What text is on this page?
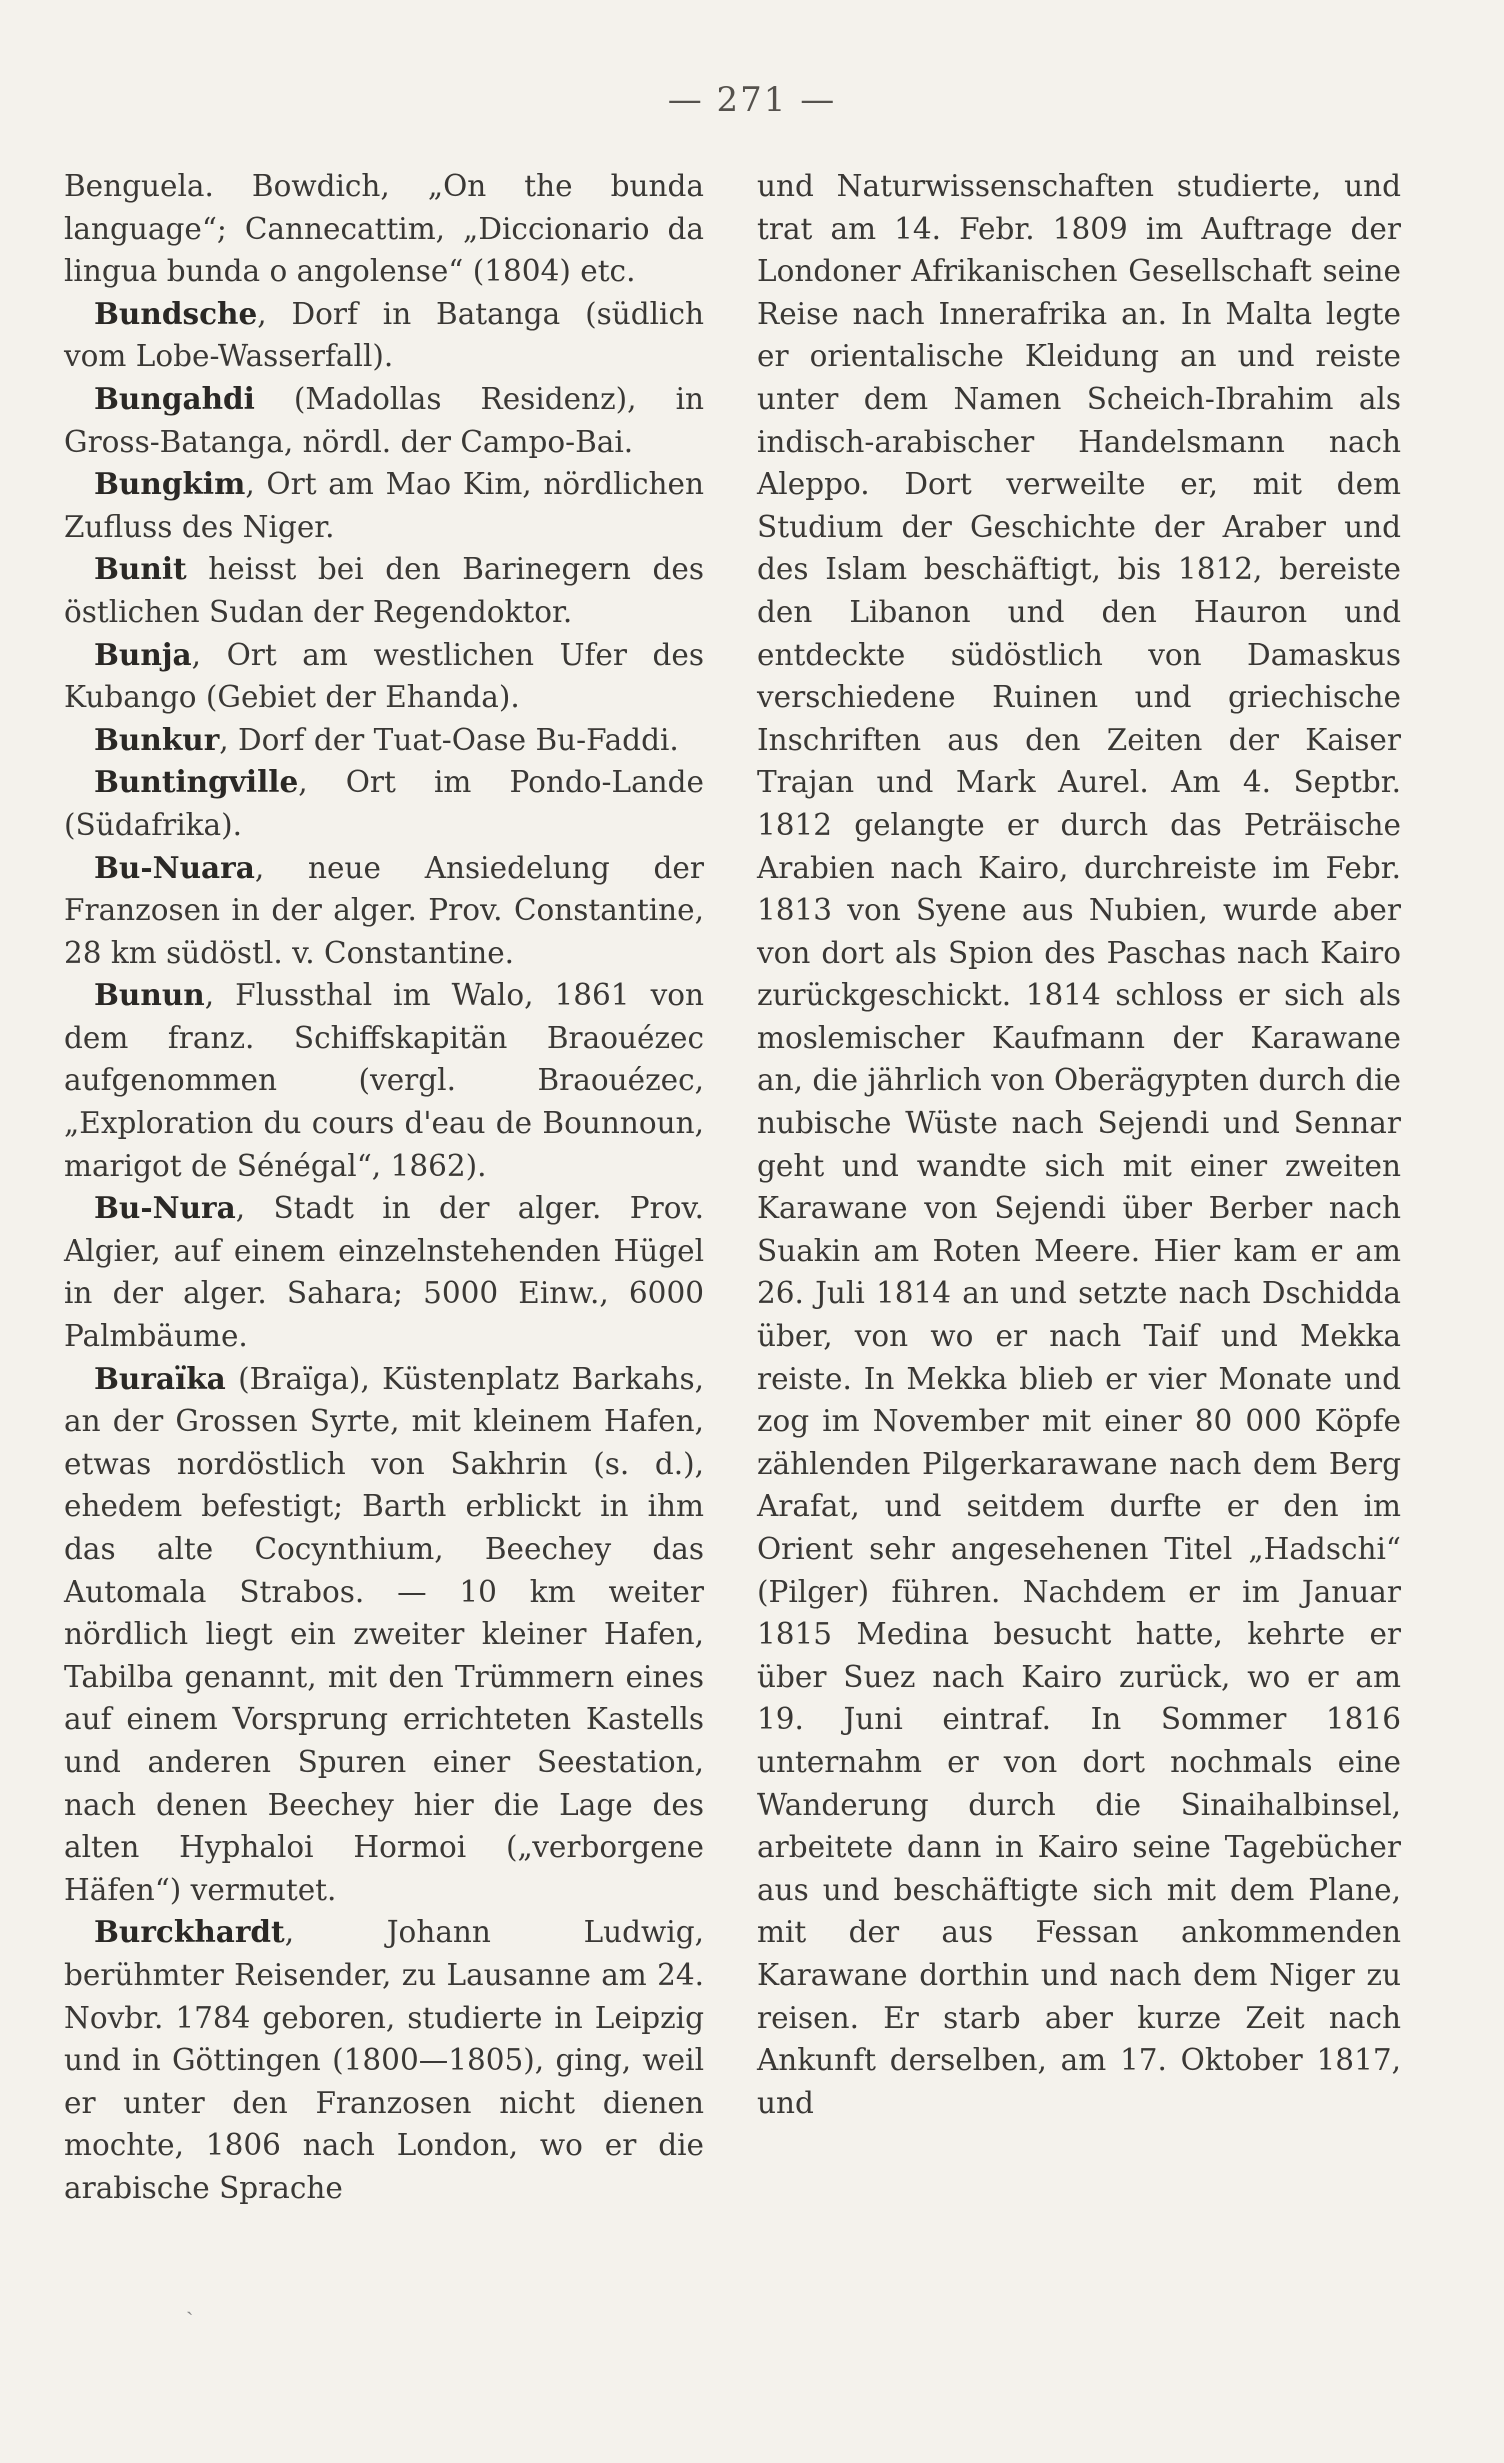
— 271 —

Benguela. Bowdich, „On the bunda language“; Cannecattim, „Diccionario da lingua bunda o angolense“ (1804) etc.

Bundsche, Dorf in Batanga (südlich vom Lobe-Wasserfall).

Bungahdi (Madollas Residenz), in Gross-Batanga, nördl. der Campo-Bai.

Bungkim, Ort am Mao Kim, nördlichen Zufluss des Niger.

Bunit heisst bei den Barinegern des östlichen Sudan der Regendoktor.

Bunja, Ort am westlichen Ufer des Kubango (Gebiet der Ehanda).

Bunkur, Dorf der Tuat-Oase Bu-Faddi.

Buntingville, Ort im Pondo-Lande (Südafrika).

Bu-Nuara, neue Ansiedelung der Franzosen in der alger. Prov. Constantine, 28 km südöstl. v. Constantine.

Bunun, Flussthal im Walo, 1861 von dem franz. Schiffskapitän Braouézec aufgenommen (vergl. Braouézec, „Exploration du cours d'eau de Bounnoun, marigot de Sénégal“, 1862).

Bu-Nura, Stadt in der alger. Prov. Algier, auf einem einzelnstehenden Hügel in der alger. Sahara; 5000 Einw., 6000 Palmbäume.

Buraïka (Braïga), Küstenplatz Barkahs, an der Grossen Syrte, mit kleinem Hafen, etwas nordöstlich von Sakhrin (s. d.), ehedem befestigt; Barth erblickt in ihm das alte Cocynthium, Beechey das Automala Strabos. — 10 km weiter nördlich liegt ein zweiter kleiner Hafen, Tabilba genannt, mit den Trümmern eines auf einem Vorsprung errichteten Kastells und anderen Spuren einer Seestation, nach denen Beechey hier die Lage des alten Hyphaloi Hormoi („verborgene Häfen“) vermutet.

Burckhardt, Johann Ludwig, berühmter Reisender, zu Lausanne am 24. Novbr. 1784 geboren, studierte in Leipzig und in Göttingen (1800—1805), ging, weil er unter den Franzosen nicht dienen mochte, 1806 nach London, wo er die arabische Sprache

und Naturwissenschaften studierte, und trat am 14. Febr. 1809 im Auftrage der Londoner Afrikanischen Gesellschaft seine Reise nach Innerafrika an. In Malta legte er orientalische Kleidung an und reiste unter dem Namen Scheich-Ibrahim als indisch-arabischer Handelsmann nach Aleppo. Dort verweilte er, mit dem Studium der Geschichte der Araber und des Islam beschäftigt, bis 1812, bereiste den Libanon und den Hauron und entdeckte südöstlich von Damaskus verschiedene Ruinen und griechische Inschriften aus den Zeiten der Kaiser Trajan und Mark Aurel. Am 4. Septbr. 1812 gelangte er durch das Peträische Arabien nach Kairo, durchreiste im Febr. 1813 von Syene aus Nubien, wurde aber von dort als Spion des Paschas nach Kairo zurückgeschickt. 1814 schloss er sich als moslemischer Kaufmann der Karawane an, die jährlich von Oberägypten durch die nubische Wüste nach Sejendi und Sennar geht und wandte sich mit einer zweiten Karawane von Sejendi über Berber nach Suakin am Roten Meere. Hier kam er am 26. Juli 1814 an und setzte nach Dschidda über, von wo er nach Taif und Mekka reiste. In Mekka blieb er vier Monate und zog im November mit einer 80 000 Köpfe zählenden Pilgerkarawane nach dem Berg Arafat, und seitdem durfte er den im Orient sehr angesehenen Titel „Hadschi“ (Pilger) führen. Nachdem er im Januar 1815 Medina besucht hatte, kehrte er über Suez nach Kairo zurück, wo er am 19. Juni eintraf. In Sommer 1816 unternahm er von dort nochmals eine Wanderung durch die Sinaihalbinsel, arbeitete dann in Kairo seine Tagebücher aus und beschäftigte sich mit dem Plane, mit der aus Fessan ankommenden Karawane dorthin und nach dem Niger zu reisen. Er starb aber kurze Zeit nach Ankunft derselben, am 17. Oktober 1817, und

ˏ
